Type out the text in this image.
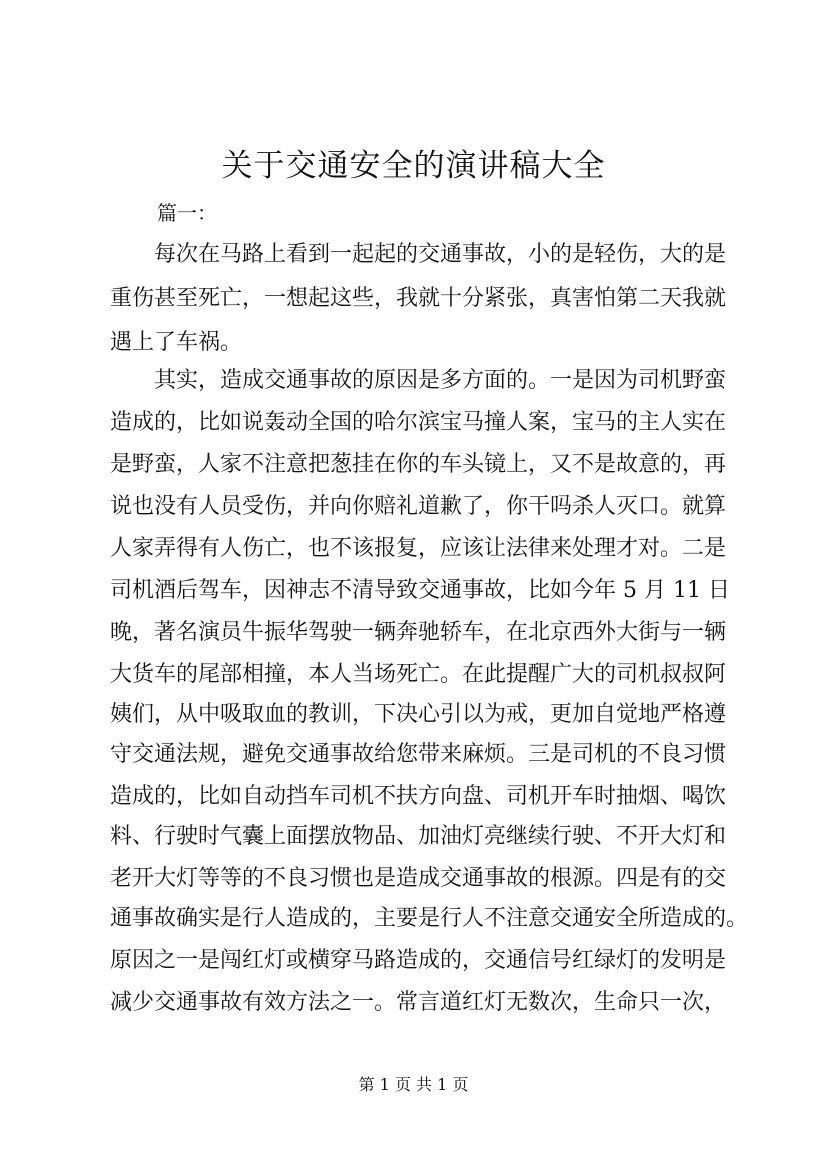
关于交通安全的演讲稿大全

篇一：

　　每次在马路上看到一起起的交通事故，小的是轻伤，大的是

重伤甚至死亡，一想起这些，我就十分紧张，真害怕第二天我就

遇上了车祸。

　　其实，造成交通事故的原因是多方面的。一是因为司机野蛮

造成的，比如说轰动全国的哈尔滨宝马撞人案，宝马的主人实在

是野蛮，人家不注意把葱挂在你的车头镜上，又不是故意的，再

说也没有人员受伤，并向你赔礼道歉了，你干吗杀人灭口。就算

人家弄得有人伤亡，也不该报复，应该让法律来处理才对。二是

司机酒后驾车，因神志不清导致交通事故，比如今年 5 月 11 日

晚，著名演员牛振华驾驶一辆奔驰轿车，在北京西外大街与一辆

大货车的尾部相撞，本人当场死亡。在此提醒广大的司机叔叔阿

姨们，从中吸取血的教训，下决心引以为戒，更加自觉地严格遵

守交通法规，避免交通事故给您带来麻烦。三是司机的不良习惯

造成的，比如自动挡车司机不扶方向盘、司机开车时抽烟、喝饮

料、行驶时气囊上面摆放物品、加油灯亮继续行驶、不开大灯和

老开大灯等等的不良习惯也是造成交通事故的根源。四是有的交

通事故确实是行人造成的，主要是行人不注意交通安全所造成的。

原因之一是闯红灯或横穿马路造成的，交通信号红绿灯的发明是

减少交通事故有效方法之一。常言道红灯无数次，生命只一次，

第 1 页 共 1 页
